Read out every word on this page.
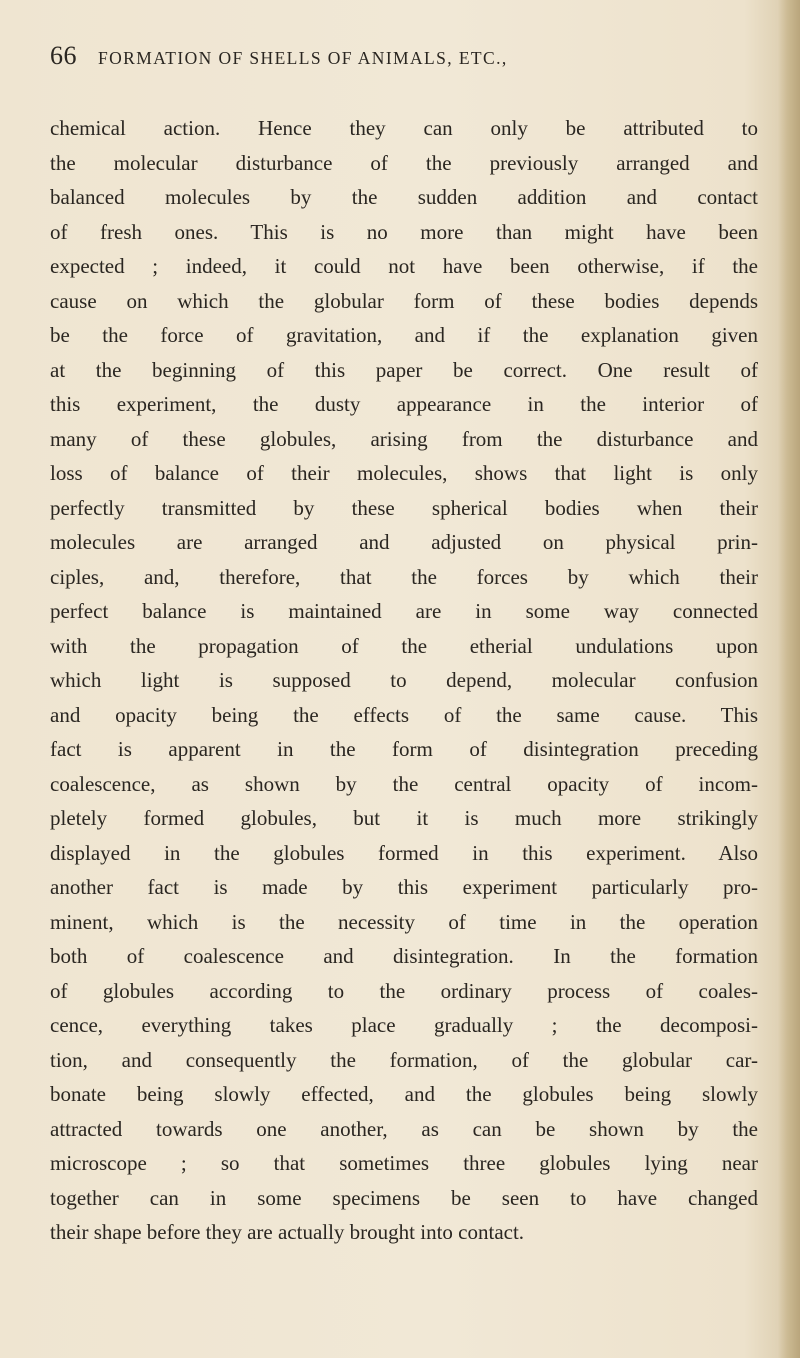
66 FORMATION OF SHELLS OF ANIMALS, ETC.,
chemical action. Hence they can only be attributed to
the molecular disturbance of the previously arranged and
balanced molecules by the sudden addition and contact
of fresh ones. This is no more than might have been
expected ; indeed, it could not have been otherwise, if the
cause on which the globular form of these bodies depends
be the force of gravitation, and if the explanation given
at the beginning of this paper be correct. One result of
this experiment, the dusty appearance in the interior of
many of these globules, arising from the disturbance and
loss of balance of their molecules, shows that light is only
perfectly transmitted by these spherical bodies when their
molecules are arranged and adjusted on physical prin-
ciples, and, therefore, that the forces by which their
perfect balance is maintained are in some way connected
with the propagation of the etherial undulations upon
which light is supposed to depend, molecular confusion
and opacity being the effects of the same cause. This
fact is apparent in the form of disintegration preceding
coalescence, as shown by the central opacity of incom-
pletely formed globules, but it is much more strikingly
displayed in the globules formed in this experiment. Also
another fact is made by this experiment particularly pro-
minent, which is the necessity of time in the operation
both of coalescence and disintegration. In the formation
of globules according to the ordinary process of coales-
cence, everything takes place gradually ; the decomposi-
tion, and consequently the formation, of the globular car-
bonate being slowly effected, and the globules being slowly
attracted towards one another, as can be shown by the
microscope ; so that sometimes three globules lying near
together can in some specimens be seen to have changed
their shape before they are actually brought into contact.
